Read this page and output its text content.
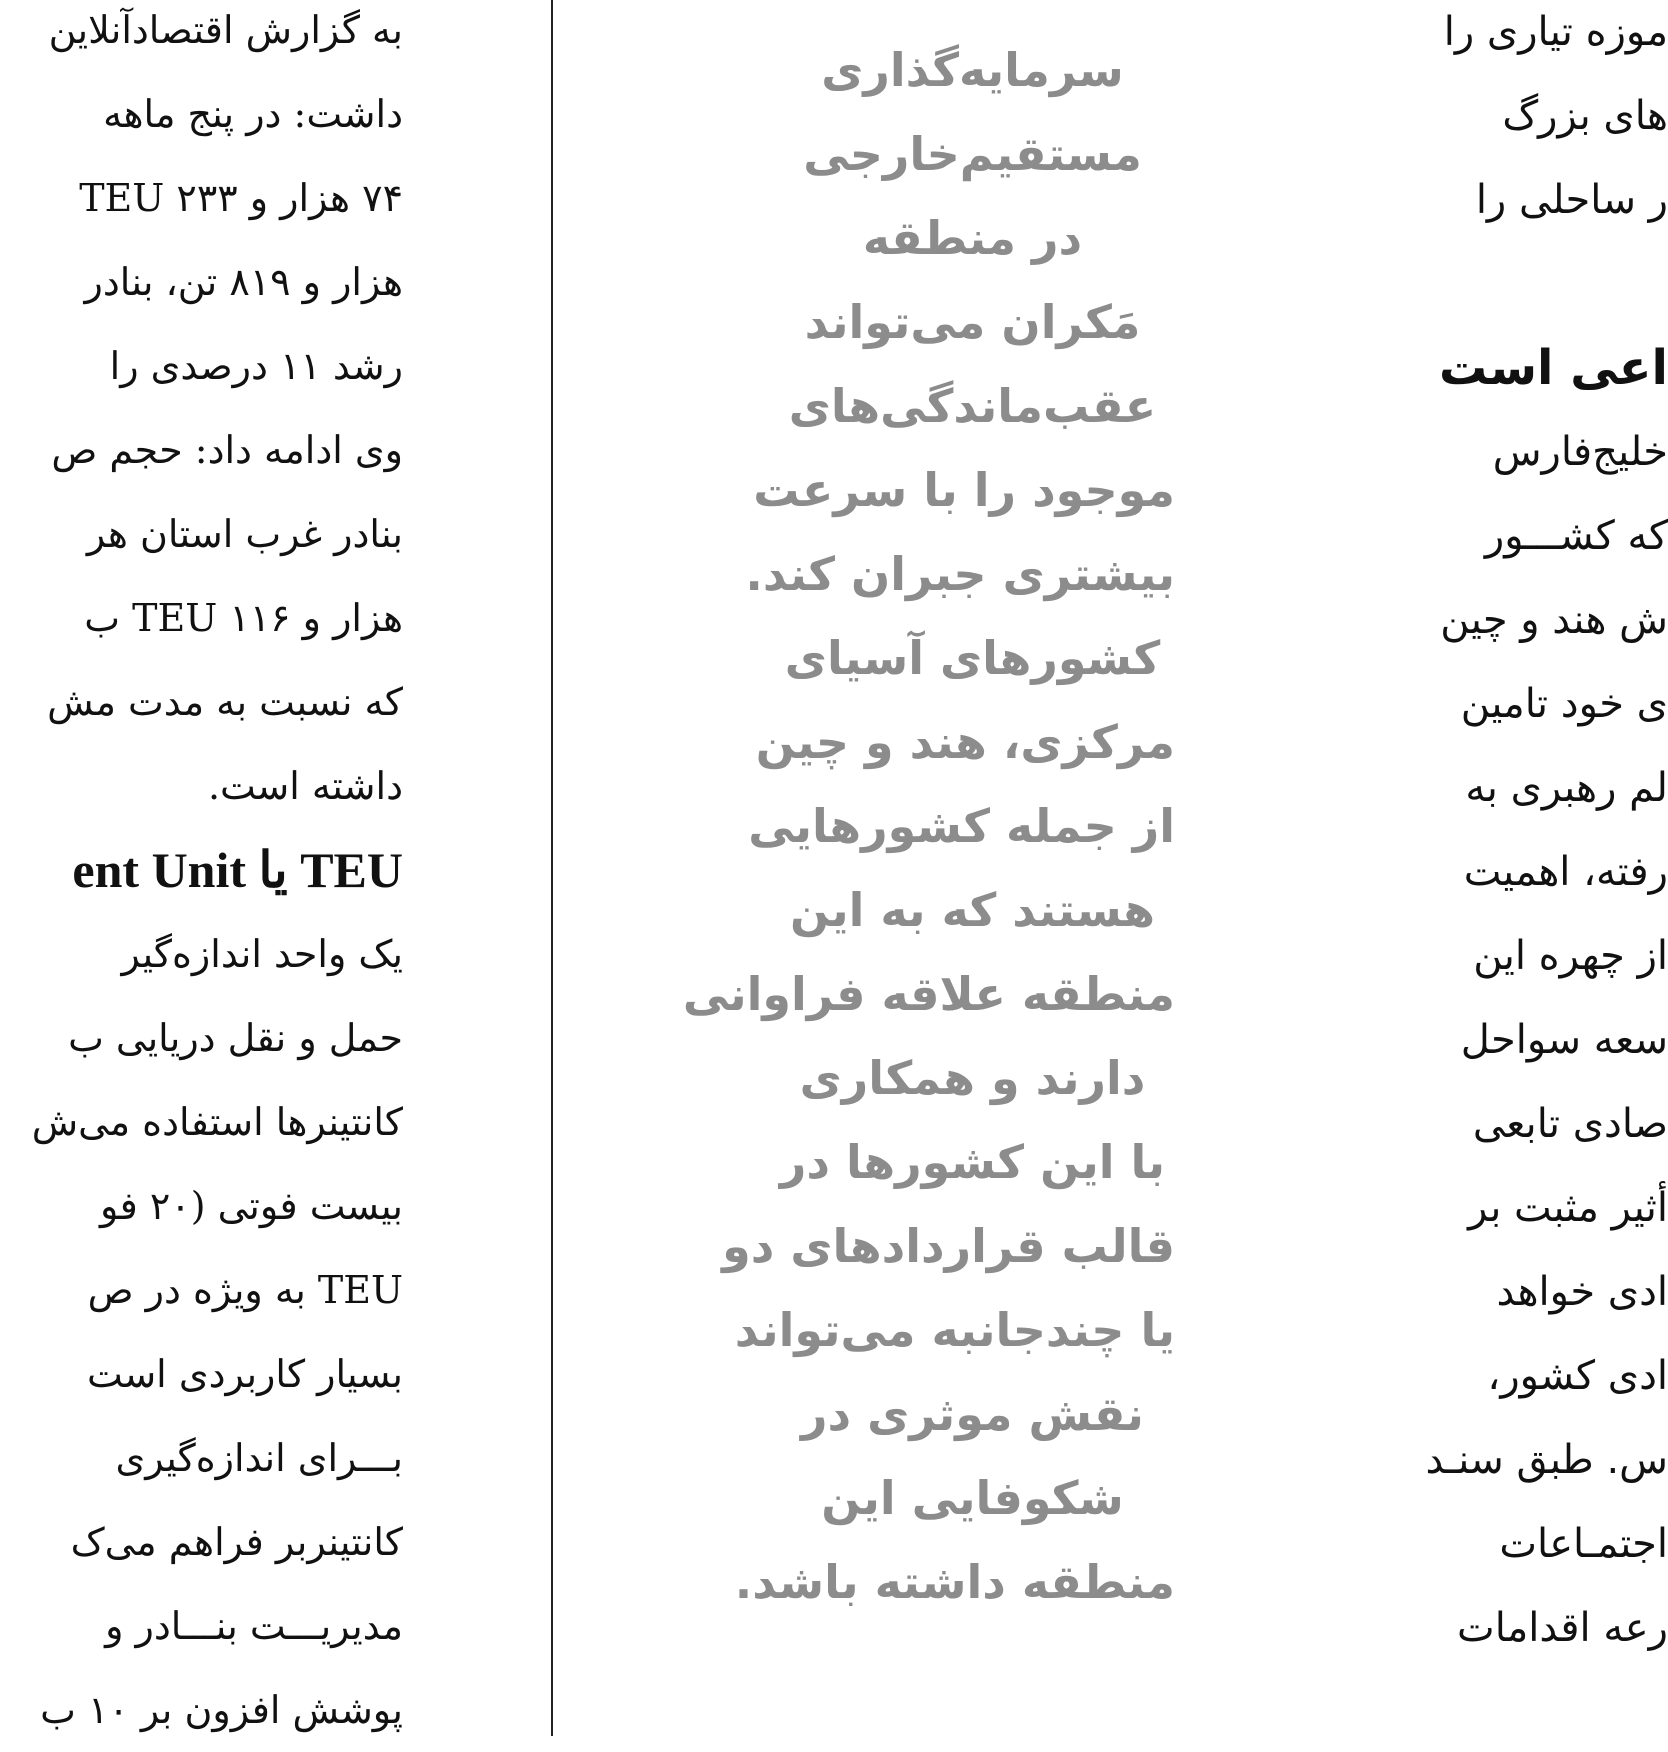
به گزارش اقتصادآنلاین
داشت: در پنج ماهه
۷۴ هزار و ۲۳۳ TEU
هزار و ۸۱۹ تن، بنادر
رشد ۱۱ درصدی را
وی ادامه داد: حجم ص
بنادر غرب استان هر
هزار و ۱۱۶ TEU ب
که نسبت به مدت مش
داشته است.
TEU یا ent Unit
یک واحد اندازه‌گیر
حمل و نقل دریایی ب
کانتینرها استفاده می‌ش
بیست فوتی (۲۰ فو
TEU به ویژه در ص
بسیار کاربردی است
بـــرای اندازه‌گیری
کانتینربر فراهم می‌ک
مدیریـــت بنـــادر و
پوشش افزون بر ۱۰ ب
سرمایه‌گذاری
مستقیم‌خارجی
در منطقه
مَکران می‌تواند
عقب‌ماندگی‌های
موجود را با سرعت
بیشتری جبران کند.
کشورهای آسیای
مرکزی، هند و چین
از جمله کشورهایی
هستند که به این
منطقه علاقه فراوانی
دارند و همکاری
با این کشورها در
قالب قراردادهای دو
یا چندجانبه می‌تواند
نقش موثری در
شکوفایی این
منطقه داشته باشد.
موزه تیاری را
های بزرگ
ر ساحلی را
اعی است
خلیج‌فارس
که کشـــور
ش هند و چین
ی خود تامین
لم رهبری به
رفته، اهمیت
از چهره این
سعه سواحل
صادی تابعی
أثیر مثبت بر
ادی خواهد
ادی کشور،
س. طبق سنـد
اجتمـاعات
رعه اقدامات
